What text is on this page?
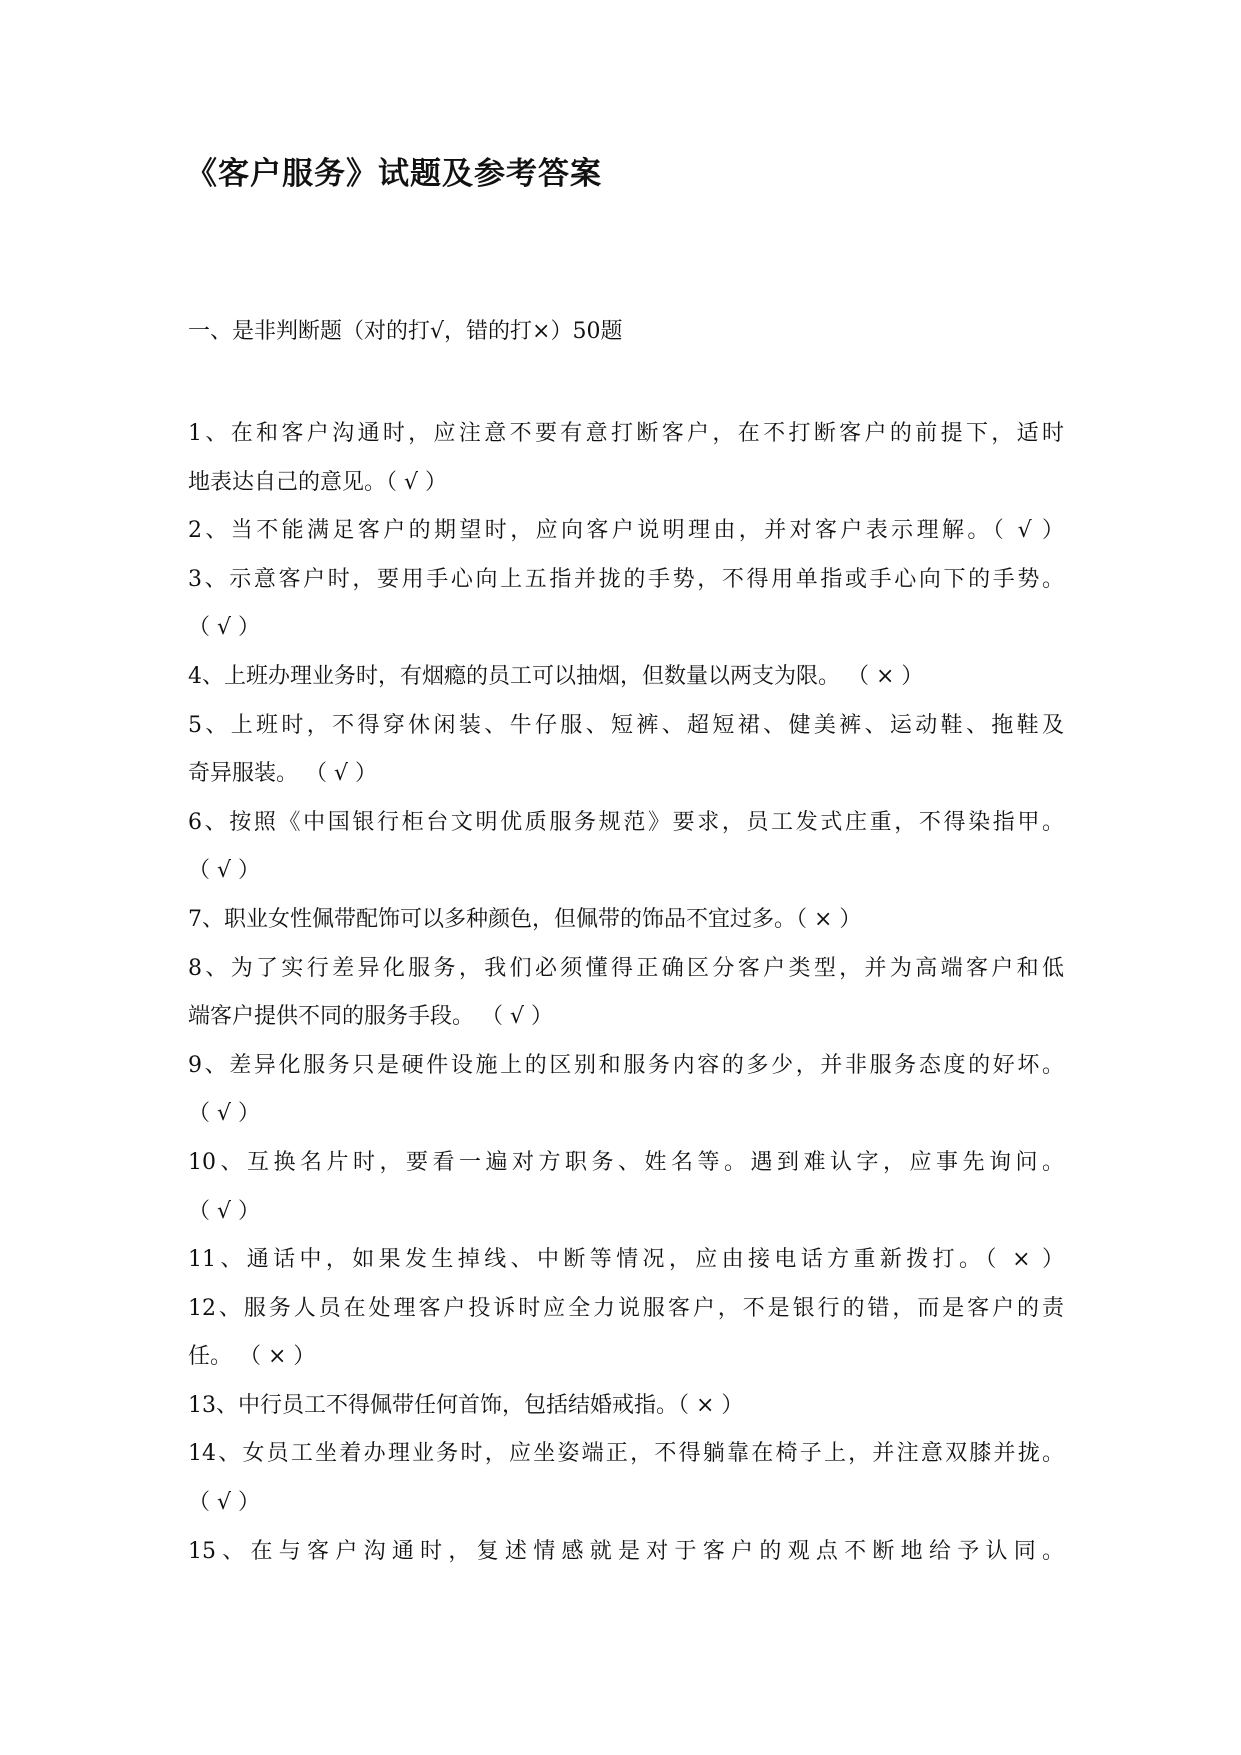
《客户服务》试题及参考答案
一、是非判断题（对的打√，错的打×）50题
1、在和客户沟通时，应注意不要有意打断客户，在不打断客户的前提下，适时
地表达自己的意见。（ √ ）
2、当不能满足客户的期望时，应向客户说明理由，并对客户表示理解。（ √ ）
3、示意客户时，要用手心向上五指并拢的手势，不得用单指或手心向下的手势。
（ √ ）
4、上班办理业务时，有烟瘾的员工可以抽烟，但数量以两支为限。 （ × ）
5、上班时，不得穿休闲装、牛仔服、短裤、超短裙、健美裤、运动鞋、拖鞋及
奇异服装。 （ √ ）
6、按照《中国银行柜台文明优质服务规范》要求，员工发式庄重，不得染指甲。
（ √ ）
7、职业女性佩带配饰可以多种颜色，但佩带的饰品不宜过多。（ × ）
8、为了实行差异化服务，我们必须懂得正确区分客户类型，并为高端客户和低
端客户提供不同的服务手段。 （ √ ）
9、差异化服务只是硬件设施上的区别和服务内容的多少，并非服务态度的好坏。
（ √ ）
10、互换名片时，要看一遍对方职务、姓名等。遇到难认字，应事先询问。
（ √ ）
11、通话中，如果发生掉线、中断等情况，应由接电话方重新拨打。（ × ）
12、服务人员在处理客户投诉时应全力说服客户，不是银行的错，而是客户的责
任。 （ × ）
13、中行员工不得佩带任何首饰，包括结婚戒指。（ × ）
14、女员工坐着办理业务时，应坐姿端正，不得躺靠在椅子上，并注意双膝并拢。
（ √ ）
15、在与客户沟通时，复述情感就是对于客户的观点不断地给予认同。
